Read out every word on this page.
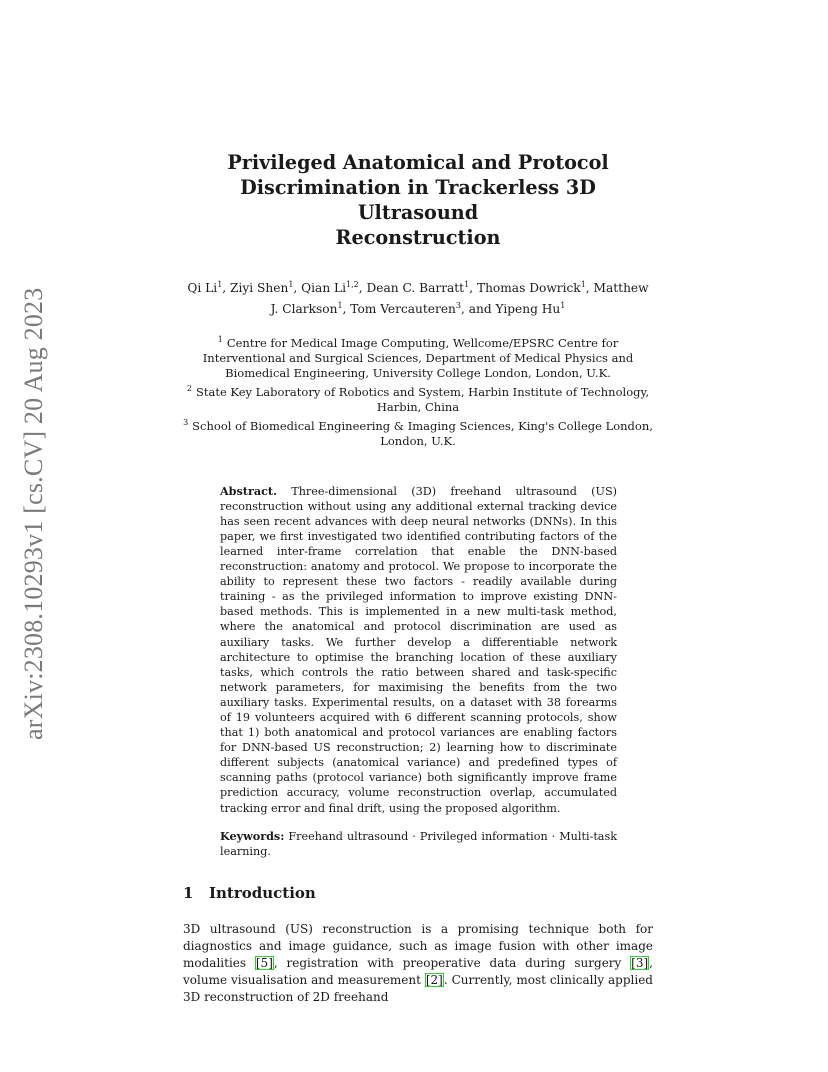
arXiv:2308.10293v1 [cs.CV] 20 Aug 2023
Privileged Anatomical and Protocol
Discrimination in Trackerless 3D Ultrasound
Reconstruction
Qi Li$^1$, Ziyi Shen$^1$, Qian Li$^{1,2}$, Dean C. Barratt$^1$, Thomas Dowrick$^1$, Matthew J. Clarkson$^1$, Tom Vercauteren$^3$, and Yipeng Hu$^1$
$^1$ Centre for Medical Image Computing, Wellcome/EPSRC Centre for Interventional and Surgical Sciences, Department of Medical Physics and Biomedical Engineering, University College London, London, U.K.
$^2$ State Key Laboratory of Robotics and System, Harbin Institute of Technology, Harbin, China
$^3$ School of Biomedical Engineering & Imaging Sciences, King's College London, London, U.K.
Abstract. Three-dimensional (3D) freehand ultrasound (US) reconstruction without using any additional external tracking device has seen recent advances with deep neural networks (DNNs). In this paper, we first investigated two identified contributing factors of the learned inter-frame correlation that enable the DNN-based reconstruction: anatomy and protocol. We propose to incorporate the ability to represent these two factors - readily available during training - as the privileged information to improve existing DNN-based methods. This is implemented in a new multi-task method, where the anatomical and protocol discrimination are used as auxiliary tasks. We further develop a differentiable network architecture to optimise the branching location of these auxiliary tasks, which controls the ratio between shared and task-specific network parameters, for maximising the benefits from the two auxiliary tasks. Experimental results, on a dataset with 38 forearms of 19 volunteers acquired with 6 different scanning protocols, show that 1) both anatomical and protocol variances are enabling factors for DNN-based US reconstruction; 2) learning how to discriminate different subjects (anatomical variance) and predefined types of scanning paths (protocol variance) both significantly improve frame prediction accuracy, volume reconstruction overlap, accumulated tracking error and final drift, using the proposed algorithm.
Keywords: Freehand ultrasound · Privileged information · Multi-task learning.
1 Introduction
3D ultrasound (US) reconstruction is a promising technique both for diagnostics and image guidance, such as image fusion with other image modalities [5], registration with preoperative data during surgery [3], volume visualisation and measurement [2]. Currently, most clinically applied 3D reconstruction of 2D freehand
